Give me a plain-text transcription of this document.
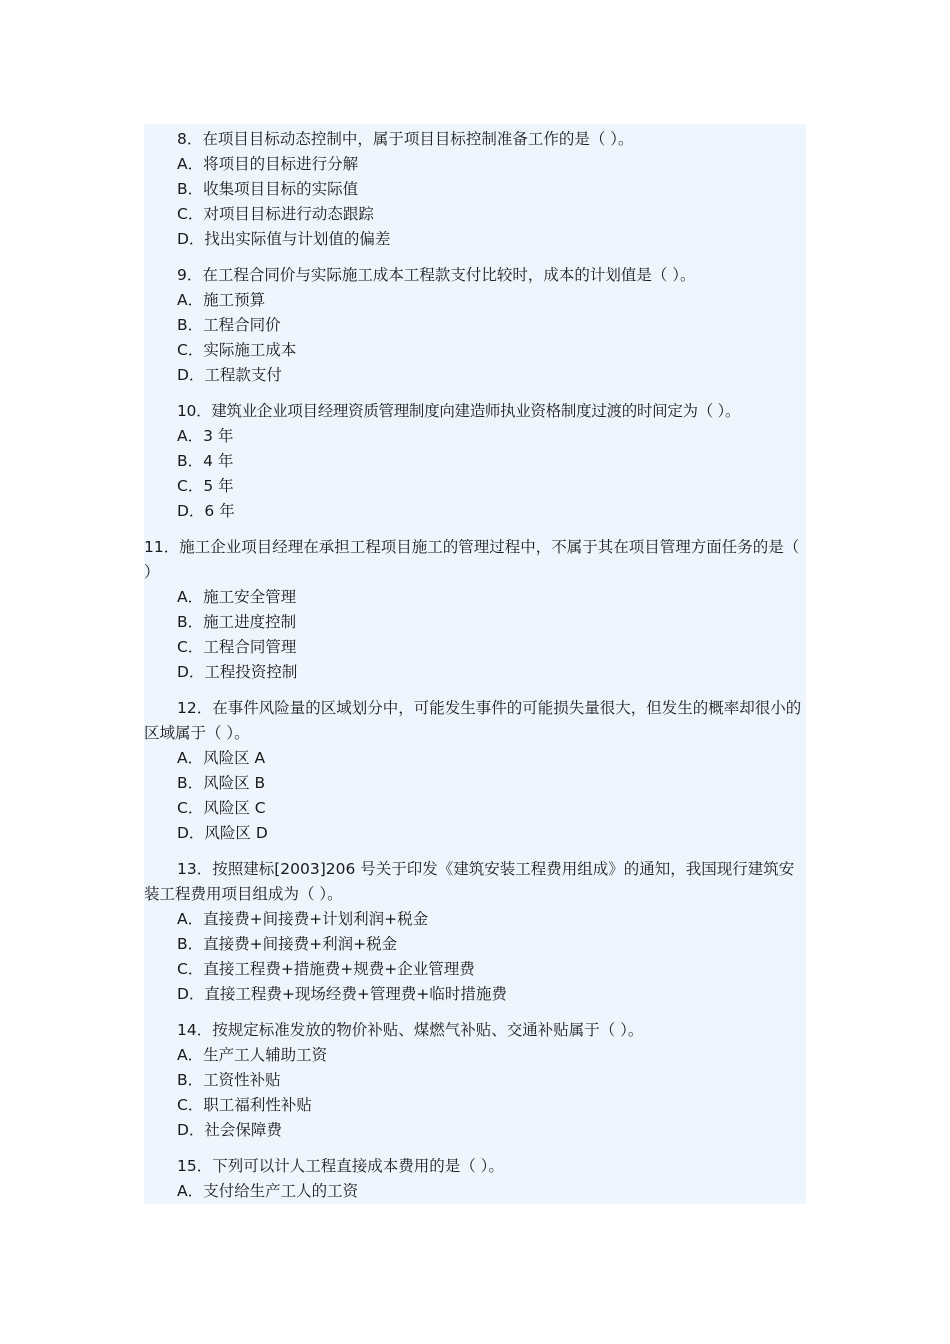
8．在项目目标动态控制中，属于项目目标控制准备工作的是（ ）。

A．将项目的目标进行分解

B．收集项目目标的实际值

C．对项目目标进行动态跟踪

D．找出实际值与计划值的偏差

9．在工程合同价与实际施工成本工程款支付比较时，成本的计划值是（ ）。

A．施工预算

B．工程合同价

C．实际施工成本

D．工程款支付

10．建筑业企业项目经理资质管理制度向建造师执业资格制度过渡的时间定为（ ）。

A．3 年

B．4 年

C．5 年

D．6 年

11．施工企业项目经理在承担工程项目施工的管理过程中，不属于其在项目管理方面任务的是（ ）

A．施工安全管理

B．施工进度控制

C．工程合同管理

D．工程投资控制

12．在事件风险量的区域划分中，可能发生事件的可能损失量很大，但发生的概率却很小的区域属于（ ）。

A．风险区 A

B．风险区 B

C．风险区 C

D．风险区 D

13．按照建标[2003]206 号关于印发《建筑安装工程费用组成》的通知，我国现行建筑安装工程费用项目组成为（ ）。

A．直接费+间接费+计划利润+税金

B．直接费+间接费+利润+税金

C．直接工程费+措施费+规费+企业管理费

D．直接工程费+现场经费+管理费+临时措施费

14．按规定标准发放的物价补贴、煤燃气补贴、交通补贴属于（ ）。

A．生产工人辅助工资

B．工资性补贴

C．职工福利性补贴

D．社会保障费

15．下列可以计人工程直接成本费用的是（ ）。

A．支付给生产工人的工资
